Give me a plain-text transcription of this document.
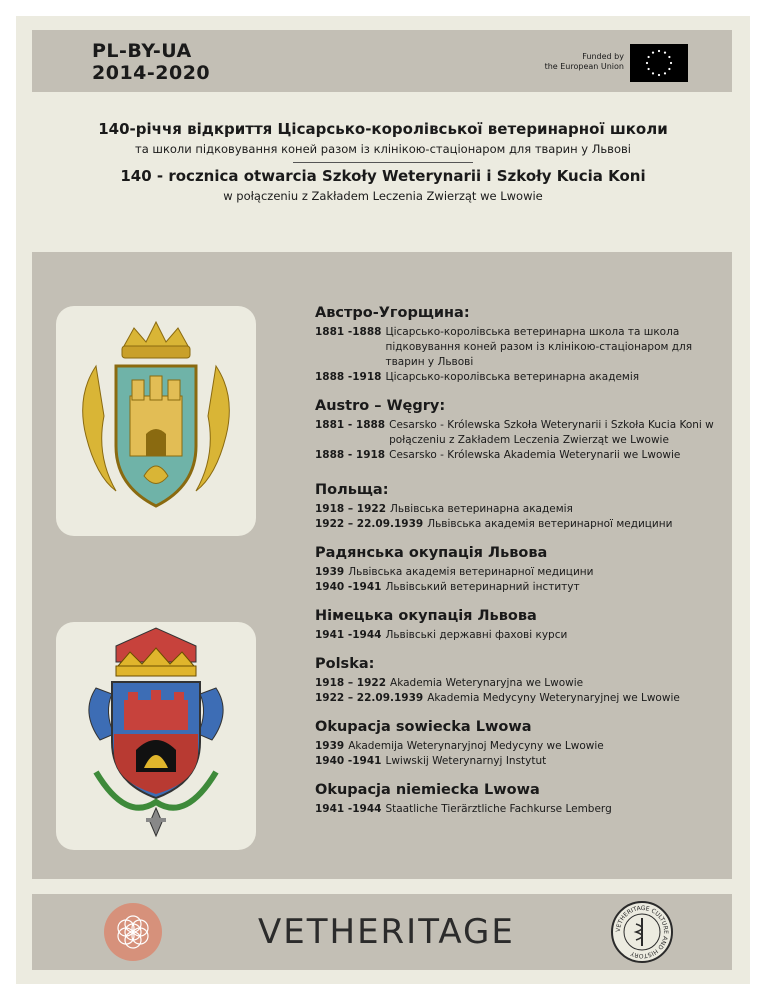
PL-BY-UA
2014-2020
Funded by
the European Union
140-річчя відкриття Цісарсько-королівської ветеринарної школи
та школи підковування коней разом із клінікою-стаціонаром для тварин у Львові
140 - rocznica otwarcia Szkoły Weterynarii i Szkoły Kucia Koni
w połączeniu z Zakładem Leczenia Zwierząt we Lwowie
Австро-Угорщина:
1881 -1888 Цісарсько-королівська ветеринарна школа та школа підковування коней разом із клінікою-стаціонаром для тварин у Львові
1888 -1918 Цісарсько-королівська ветеринарна академія
Austro – Węgry:
1881 - 1888 Cesarsko - Królewska Szkoła Weterynarii i Szkoła Kucia Koni w połączeniu z Zakładem Leczenia Zwierząt we Lwowie
1888 - 1918 Cesarsko - Królewska Akademia Weterynarii we Lwowie
Польща:
1918 – 1922 Львівська ветеринарна академія
1922 – 22.09.1939 Львівська академія ветеринарної медицини
Радянська окупація Львова
1939 Львівська академія ветеринарної медицини
1940 -1941 Львівський ветеринарний інститут
Німецька окупація Львова
1941 -1944 Львівські державні фахові курси
Polska:
1918 – 1922 Akademia Weterynaryjna we Lwowie
1922 – 22.09.1939 Akademia Medycyny Weterynaryjnej we Lwowie
Okupacja sowiecka Lwowa
1939 Akademija Weterynaryjnoj Medycyny we Lwowie
1940 -1941 Lwiwskij Weterynarnyj Instytut
Okupacja niemiecka Lwowa
1941 -1944 Staatliche Tierärztliche Fachkurse Lemberg
VETHERITAGE	VETHERITAGE CULTURE AND HISTORY
